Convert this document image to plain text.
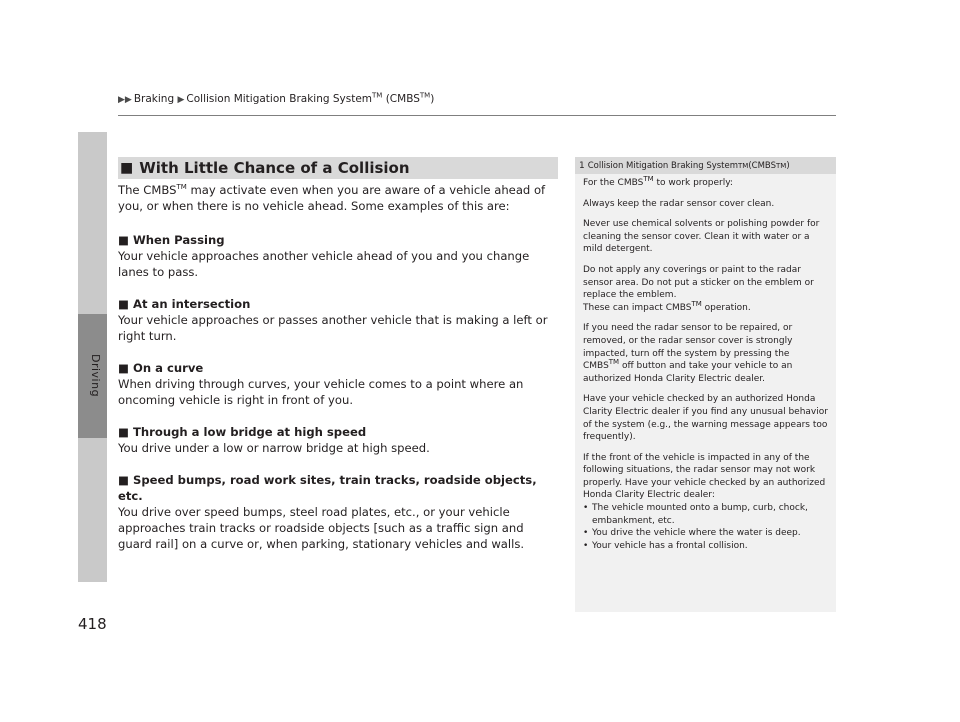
▶▶ Braking ▶ Collision Mitigation Braking System™ (CMBS™)
Driving
418
■ With Little Chance of a Collision

The CMBS™ may activate even when you are aware of a vehicle ahead of you, or when there is no vehicle ahead. Some examples of this are:

■ When Passing

Your vehicle approaches another vehicle ahead of you and you change lanes to pass.

■ At an intersection

Your vehicle approaches or passes another vehicle that is making a left or right turn.

■ On a curve

When driving through curves, your vehicle comes to a point where an oncoming vehicle is right in front of you.

■ Through a low bridge at high speed

You drive under a low or narrow bridge at high speed.

■ Speed bumps, road work sites, train tracks, roadside objects, etc.

You drive over speed bumps, steel road plates, etc., or your vehicle approaches train tracks or roadside objects [such as a traffic sign and guard rail] on a curve or, when parking, stationary vehicles and walls.

1 Collision Mitigation Braking System TM (CMBS TM )

For the CMBS™ to work properly:

Always keep the radar sensor cover clean.

Never use chemical solvents or polishing powder for cleaning the sensor cover. Clean it with water or a mild detergent.

Do not apply any coverings or paint to the radar sensor area. Do not put a sticker on the emblem or replace the emblem.
These can impact CMBS™ operation.

If you need the radar sensor to be repaired, or removed, or the radar sensor cover is strongly impacted, turn off the system by pressing the CMBS™ off button and take your vehicle to an authorized Honda Clarity Electric dealer.

Have your vehicle checked by an authorized Honda Clarity Electric dealer if you find any unusual behavior of the system (e.g., the warning message appears too frequently).

If the front of the vehicle is impacted in any of the following situations, the radar sensor may not work properly. Have your vehicle checked by an authorized Honda Clarity Electric dealer:

• The vehicle mounted onto a bump, curb, chock, embankment, etc.
• You drive the vehicle where the water is deep.
• Your vehicle has a frontal collision.
